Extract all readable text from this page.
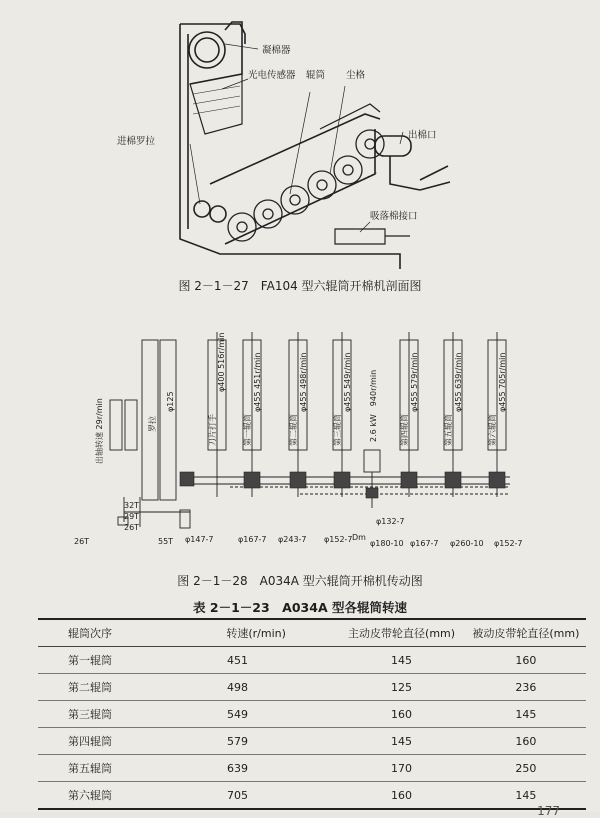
凝棉器
光电传感器 辊筒 尘格
进棉罗拉
出棉口
吸落棉接口
图 2－1－27　FA104 型六辊筒开棉机剖面图
出轴转速 29r/min	罗拉
φ125
刀片打手
φ400 516r/min
第一辊筒
φ455 451r/min
第二辊筒
φ455 498r/min
第三辊筒
φ455 549r/min 2.6 kW　940r/min	第四辊筒
φ455 579r/min
第五辊筒
φ455 639r/min
第六辊筒
φ455 705r/min
32T
29T
26T
26T	55T φ147-7	φ167-7 φ243-7 φ152-7
φ132-7
Dm
φ180-10 φ167-7 φ260-10 φ152-7
图 2－1－28　A034A 型六辊筒开棉机传动图
表 2－1－23　A034A 型各辊筒转速
辊筒次序	转速(r/min)	主动皮带轮直径(mm)	被动皮带轮直径(mm)
第一辊筒	451	145	160
第二辊筒	498	125	236
第三辊筒	549	160	145
第四辊筒	579	145	160
第五辊筒	639	170	250
第六辊筒	705	160	145
177
